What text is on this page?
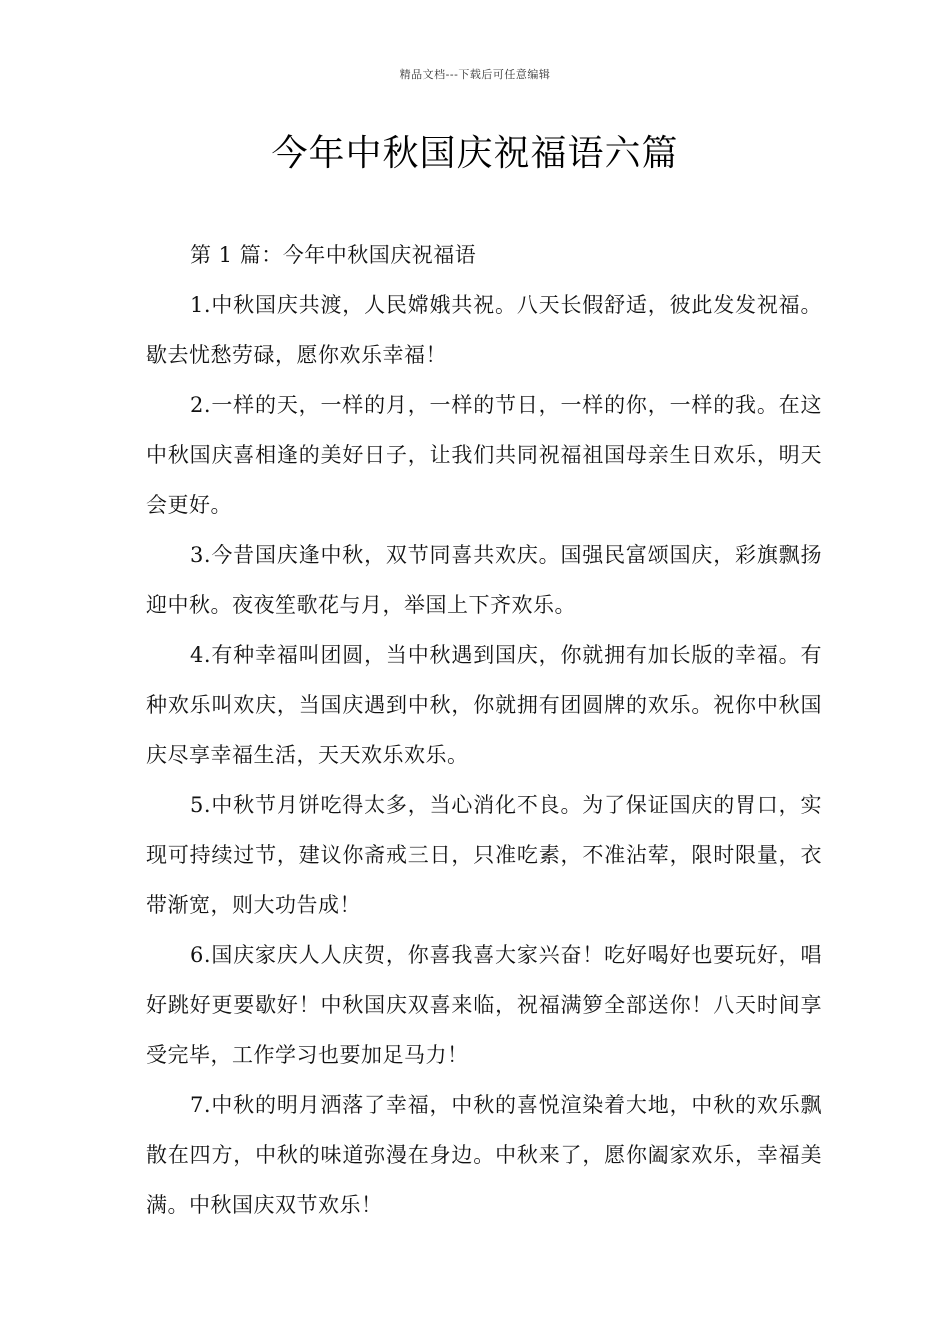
精品文档---下载后可任意编辑
今年中秋国庆祝福语六篇

第 1 篇：今年中秋国庆祝福语

1.中秋国庆共渡，人民嫦娥共祝。八天长假舒适，彼此发发祝福。歇去忧愁劳碌，愿你欢乐幸福！

2.一样的天，一样的月，一样的节日，一样的你，一样的我。在这中秋国庆喜相逢的美好日子，让我们共同祝福祖国母亲生日欢乐，明天会更好。

3.今昔国庆逢中秋，双节同喜共欢庆。国强民富颂国庆，彩旗飘扬迎中秋。夜夜笙歌花与月，举国上下齐欢乐。

4.有种幸福叫团圆，当中秋遇到国庆，你就拥有加长版的幸福。有种欢乐叫欢庆，当国庆遇到中秋，你就拥有团圆牌的欢乐。祝你中秋国庆尽享幸福生活，天天欢乐欢乐。

5.中秋节月饼吃得太多，当心消化不良。为了保证国庆的胃口，实现可持续过节，建议你斋戒三日，只准吃素，不准沾荤，限时限量，衣带渐宽，则大功告成！

6.国庆家庆人人庆贺，你喜我喜大家兴奋！吃好喝好也要玩好，唱好跳好更要歇好！中秋国庆双喜来临，祝福满箩全部送你！八天时间享受完毕，工作学习也要加足马力！

7.中秋的明月洒落了幸福，中秋的喜悦渲染着大地，中秋的欢乐飘散在四方，中秋的味道弥漫在身边。中秋来了，愿你阖家欢乐，幸福美满。中秋国庆双节欢乐！
